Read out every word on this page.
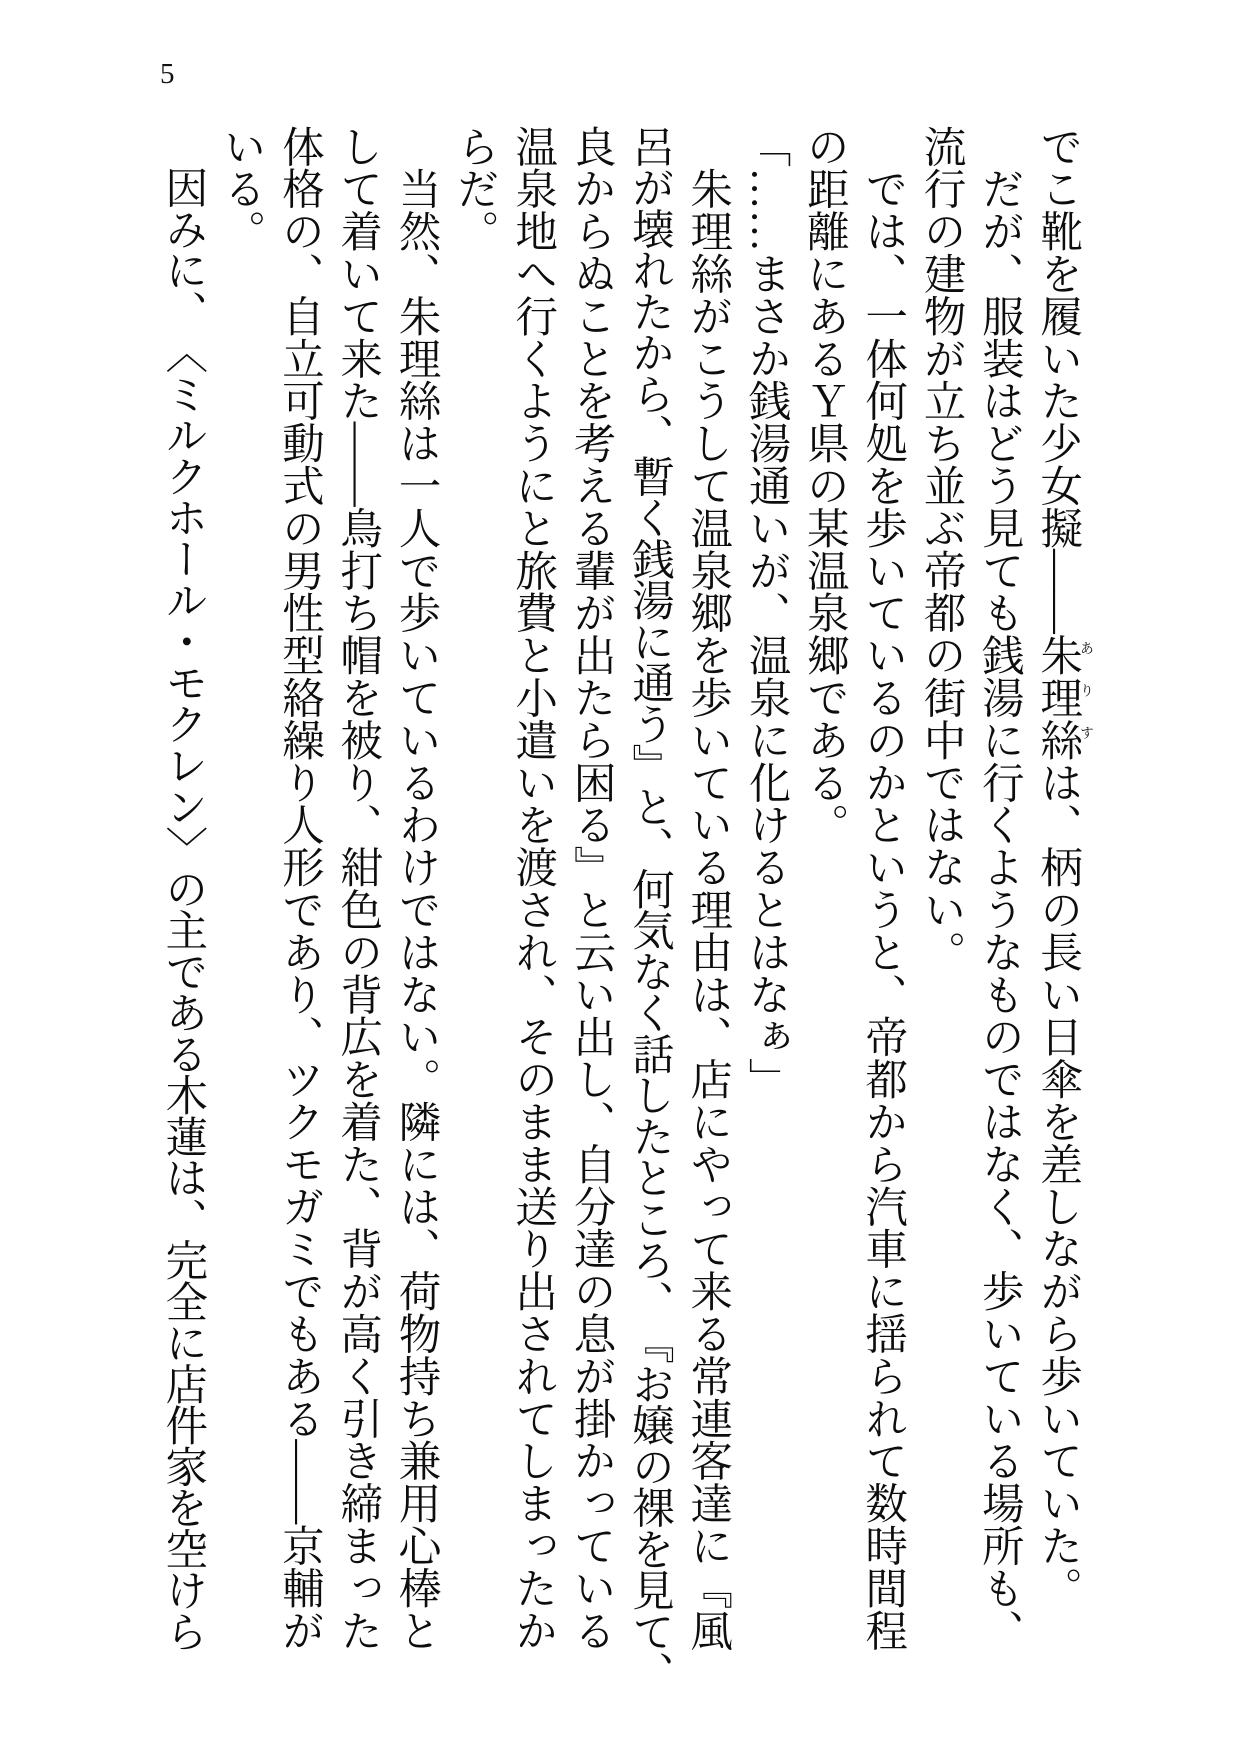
5
でこ靴を履いた少女擬――朱理絲は、柄の長い日傘を差しながら歩いていた。
　だが、服装はどう見ても銭湯に行くようなものではなく、歩いている場所も、
流行の建物が立ち並ぶ帝都の街中ではない。
　では、一体何処を歩いているのかというと、帝都から汽車に揺られて数時間程
の距離にあるＹ県の某温泉郷である。
「……まさか銭湯通いが、温泉に化けるとはなぁ」
　朱理絲がこうして温泉郷を歩いている理由は、店にやって来る常連客達に『風
呂が壊れたから、暫く銭湯に通う』と、何気なく話したところ、『お嬢の裸を見て、
良からぬことを考える輩が出たら困る』と云い出し、自分達の息が掛かっている
温泉地へ行くようにと旅費と小遣いを渡され、そのまま送り出されてしまったか
らだ。
　当然、朱理絲は一人で歩いているわけではない。隣には、荷物持ち兼用心棒と
して着いて来た――鳥打ち帽を被り、紺色の背広を着た、背が高く引き締まった
体格の、自立可動式の男性型絡繰り人形であり、ツクモガミでもある――京輔が
いる。
　因みに、〈ミルクホール・モクレン〉の主である木蓮は、完全に店件家を空けら	ありす
